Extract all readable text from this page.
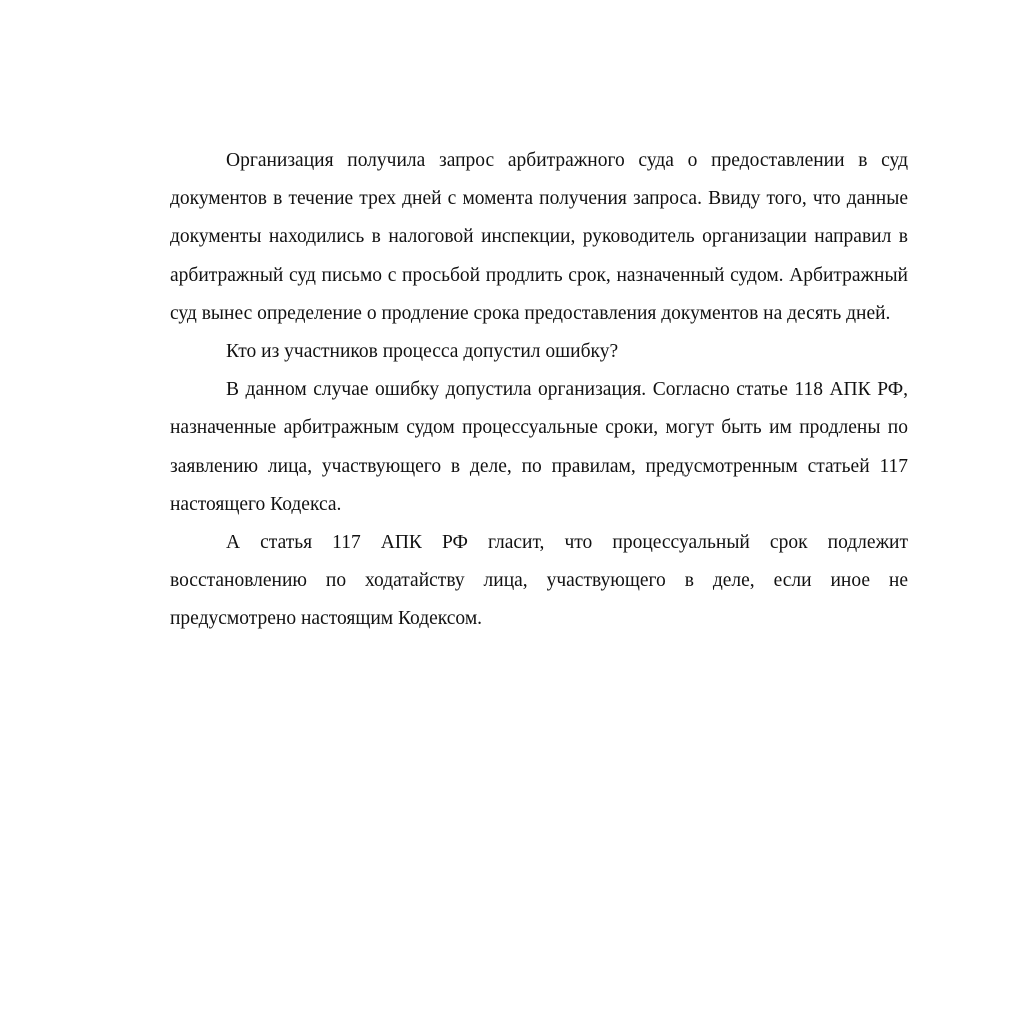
Организация получила запрос арбитражного суда о предоставлении в суд документов в течение трех дней с момента получения запроса. Ввиду того, что данные документы находились в налоговой инспекции, руководитель организации направил в арбитражный суд письмо с просьбой продлить срок, назначенный судом. Арбитражный суд вынес определение о продление срока предоставления документов на десять дней.

Кто из участников процесса допустил ошибку?

В данном случае ошибку допустила организация. Согласно статье 118 АПК РФ, назначенные арбитражным судом процессуальные сроки, могут быть им продлены по заявлению лица, участвующего в деле, по правилам, предусмотренным статьей 117 настоящего Кодекса.

А статья 117 АПК РФ гласит, что процессуальный срок подлежит восстановлению по ходатайству лица, участвующего в деле, если иное не предусмотрено настоящим Кодексом.
